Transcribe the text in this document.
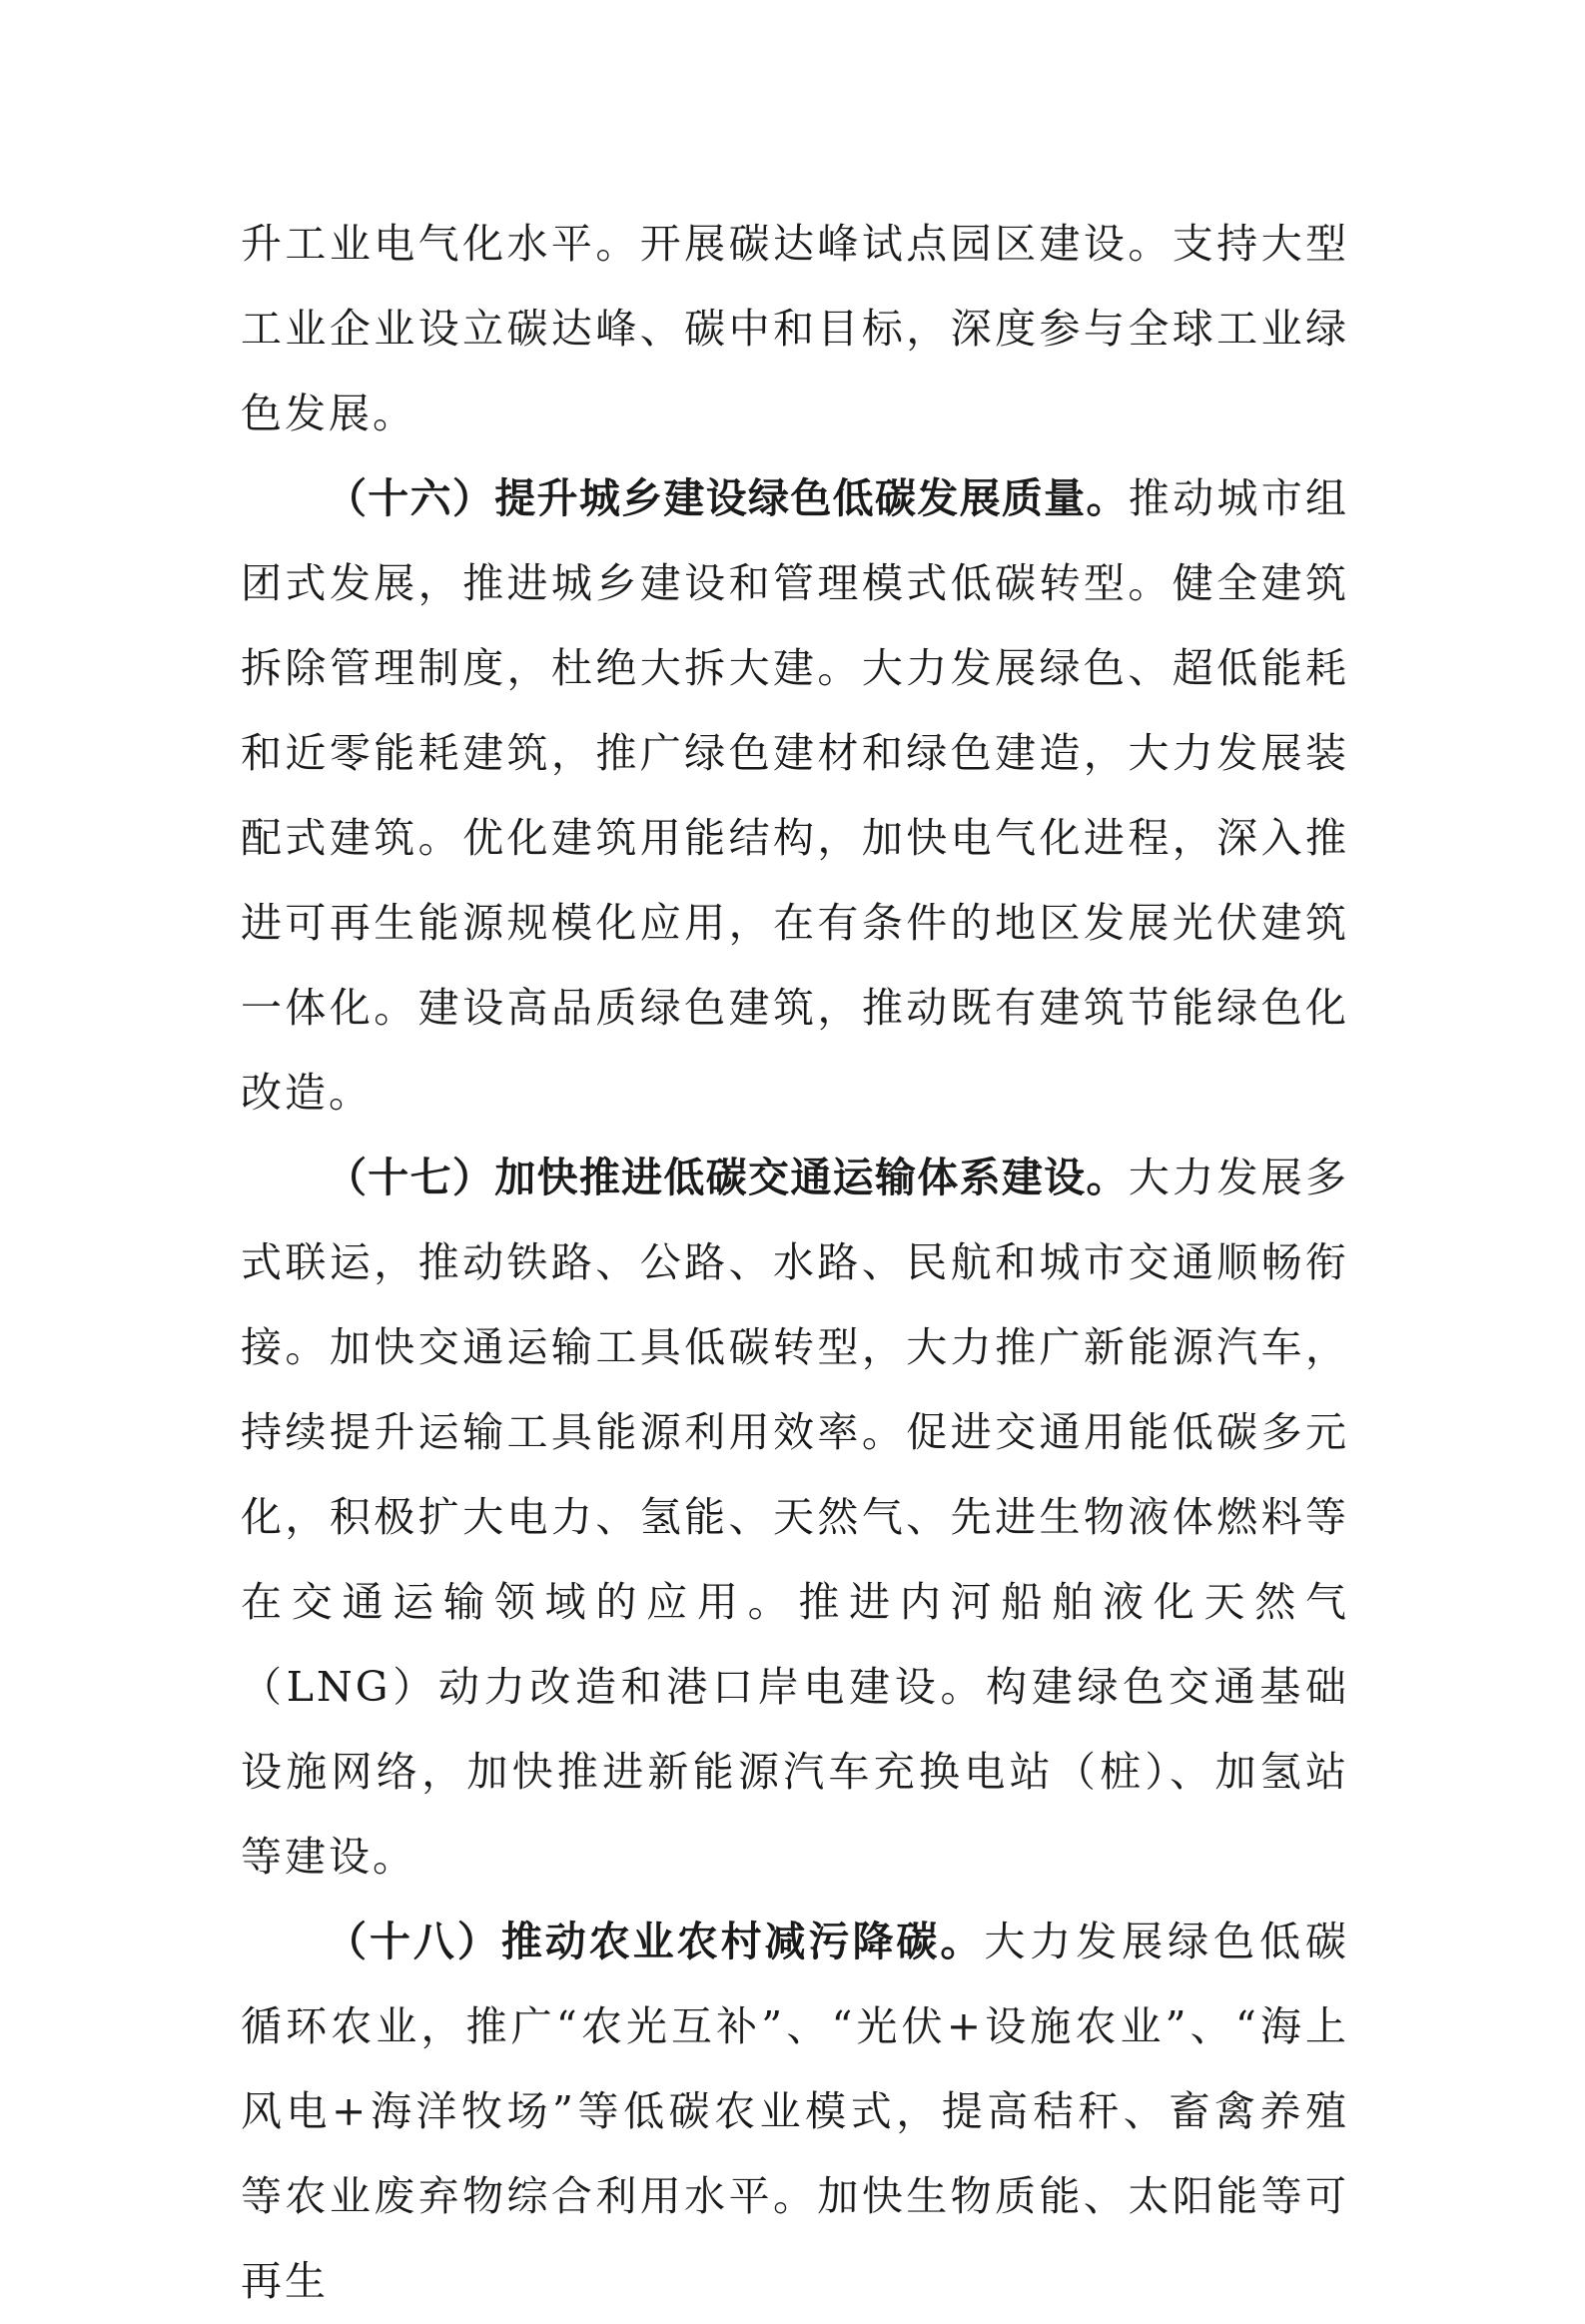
升工业电气化水平。开展碳达峰试点园区建设。支持大型工业企业设立碳达峰、碳中和目标，深度参与全球工业绿色发展。

（十六）提升城乡建设绿色低碳发展质量。推动城市组团式发展，推进城乡建设和管理模式低碳转型。健全建筑拆除管理制度，杜绝大拆大建。大力发展绿色、超低能耗和近零能耗建筑，推广绿色建材和绿色建造，大力发展装配式建筑。优化建筑用能结构，加快电气化进程，深入推进可再生能源规模化应用，在有条件的地区发展光伏建筑一体化。建设高品质绿色建筑，推动既有建筑节能绿色化改造。

（十七）加快推进低碳交通运输体系建设。大力发展多式联运，推动铁路、公路、水路、民航和城市交通顺畅衔接。加快交通运输工具低碳转型，大力推广新能源汽车，持续提升运输工具能源利用效率。促进交通用能低碳多元化，积极扩大电力、氢能、天然气、先进生物液体燃料等在交通运输领域的应用。推进内河船舶液化天然气（LNG）动力改造和港口岸电建设。构建绿色交通基础设施网络，加快推进新能源汽车充换电站（桩）、加氢站等建设。

（十八）推动农业农村减污降碳。大力发展绿色低碳循环农业，推广“农光互补”、“光伏+设施农业”、“海上风电+海洋牧场”等低碳农业模式，提高秸秆、畜禽养殖等农业废弃物综合利用水平。加快生物质能、太阳能等可再生
